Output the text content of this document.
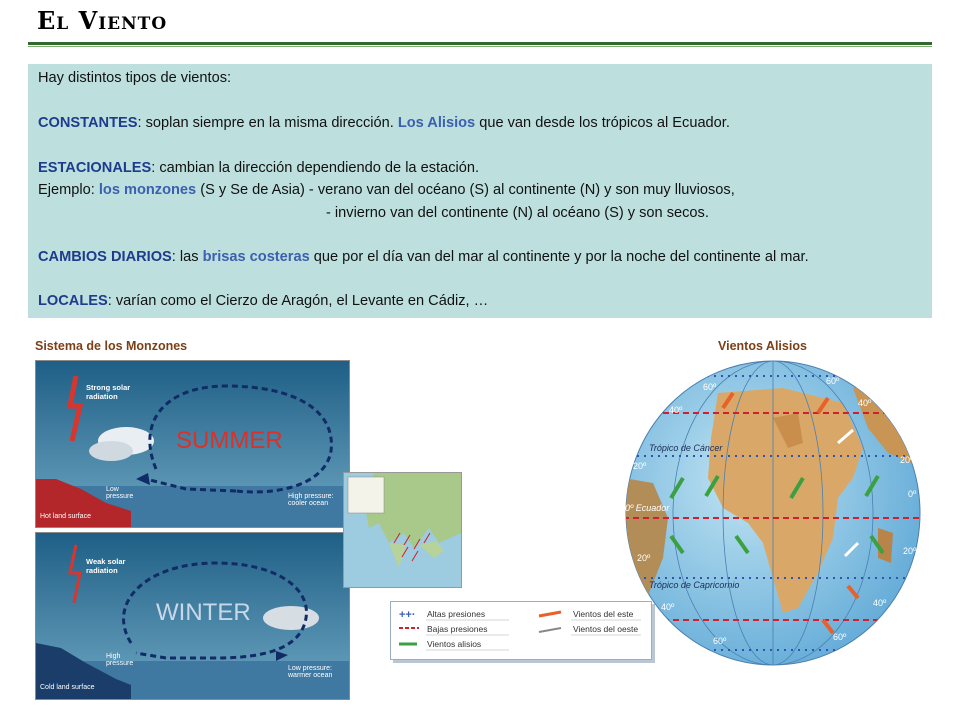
El Viento
Hay distintos tipos de vientos:
CONSTANTES: soplan siempre en la misma dirección. Los Alisios que van desde los trópicos al Ecuador.
ESTACIONALES: cambian la dirección dependiendo de la estación.
Ejemplo: los monzones (S y Se de Asia) - verano van del océano (S) al continente (N) y son muy lluviosos,
- invierno van del continente (N) al océano (S) y son secos.
CAMBIOS DIARIOS: las brisas costeras que por el día van del mar al continente y por la noche del continente al mar.
LOCALES: varían como el Cierzo de Aragón, el Levante en Cádiz, …
Sistema de los Monzones	Vientos Alisios
Strong solar radiation
SUMMER
Low pressure	High pressure: cooler ocean
Hot land surface
Weak solar radiation
WINTER
High pressure
Low pressure: warmer ocean
Cold land surface
++· Altas presiones
Bajas presiones
Vientos alisios
Vientos del este
Vientos del oeste
60º
60º
40º
40º
Trópico de Cáncer
20º
20º
0º Ecuador
0º
20º
20º
Trópico de Capricornio
40º	40º
60º	60º
